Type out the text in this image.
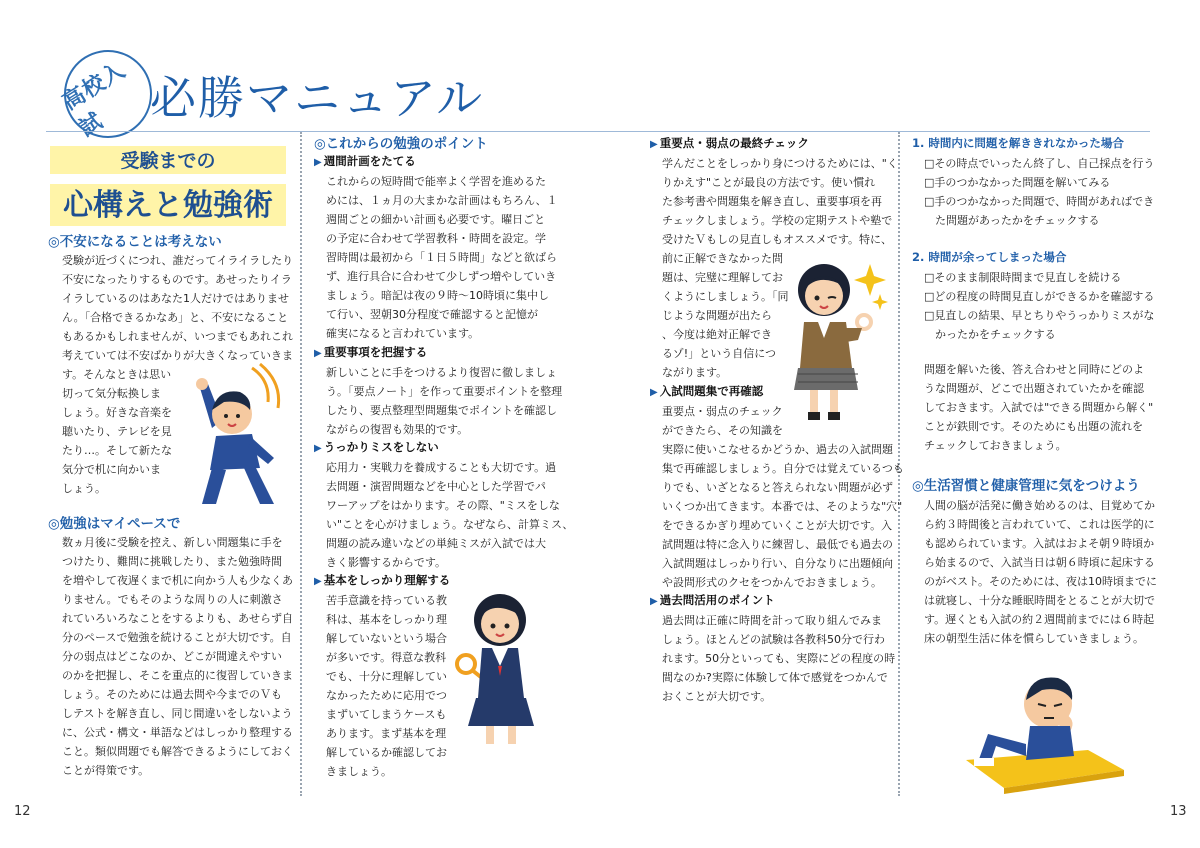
高校入試 必勝マニュアル
受験までの
心構えと勉強術
◎不安になることは考えない
受験が近づくにつれ、誰だってイライラしたり
不安になったりするものです。あせったりイラ
イラしているのはあなた1人だけではありませ
ん。「合格できるかなあ」と、不安になること
もあるかもしれませんが、いつまでもあれこれ
考えていては不安ばかりが大きくなっていきま
す。そんなときは思い
切って気分転換しま
しょう。好きな音楽を
聴いたり、テレビを見
たり…。そして新たな
気分で机に向かいま
しょう。
◎勉強はマイペースで
数ヵ月後に受験を控え、新しい問題集に手を
つけたり、難問に挑戦したり、また勉強時間
を増やして夜遅くまで机に向かう人も少なくあ
りません。でもそのような周りの人に刺激さ
れていろいろなことをするよりも、あせらず自
分のペースで勉強を続けることが大切です。自
分の弱点はどこなのか、どこが間違えやすい
のかを把握し、そこを重点的に復習していきま
しょう。そのためには過去問や今までのＶも
しテストを解き直し、同じ間違いをしないよう
に、公式・構文・単語などはしっかり整理する
こと。類似問題でも解答できるようにしておく
ことが得策です。
◎これからの勉強のポイント
▶ 週間計画をたてる
これからの短時間で能率よく学習を進めるた
めには、１ヵ月の大まかな計画はもちろん、１
週間ごとの細かい計画も必要です。曜日ごと
の予定に合わせて学習教科・時間を設定。学
習時間は最初から「１日５時間」などと欲ばら
ず、進行具合に合わせて少しずつ増やしていき
ましょう。暗記は夜の９時〜10時頃に集中し
て行い、翌朝30分程度で確認すると記憶が
確実になると言われています。
▶ 重要事項を把握する
新しいことに手をつけるより復習に徹しましょ
う。「要点ノート」を作って重要ポイントを整理
したり、要点整理型問題集でポイントを確認し
ながらの復習も効果的です。
▶ うっかりミスをしない
応用力・実戦力を養成することも大切です。過
去問題・演習問題などを中心とした学習でパ
ワーアップをはかります。その際、"ミスをしな
い"ことを心がけましょう。なぜなら、計算ミス、
問題の読み違いなどの単純ミスが入試では大
きく影響するからです。
▶ 基本をしっかり理解する
苦手意識を持っている教
科は、基本をしっかり理
解していないという場合
が多いです。得意な教科
でも、十分に理解してい
なかったために応用でつ
まずいてしまうケースも
あります。まず基本を理
解しているか確認してお
きましょう。
▶ 重要点・弱点の最終チェック
学んだことをしっかり身につけるためには、"く
りかえす"ことが最良の方法です。使い慣れ
た参考書や問題集を解き直し、重要事項を再
チェックしましょう。学校の定期テストや塾で
受けたＶもしの見直しもオススメです。特に、
前に正解できなかった問
題は、完璧に理解してお
くようにしましょう。「同
じような問題が出たら
、今度は絶対正解でき
るゾ!」という自信につ
ながります。
▶ 入試問題集で再確認
重要点・弱点のチェック
ができたら、その知識を
実際に使いこなせるかどうか、過去の入試問題
集で再確認しましょう。自分では覚えているつも
りでも、いざとなると答えられない問題が必ず
いくつか出てきます。本番では、そのような"穴"
をできるかぎり埋めていくことが大切です。入
試問題は特に念入りに練習し、最低でも過去の
入試問題はしっかり行い、自分なりに出題傾向
や設問形式のクセをつかんでおきましょう。
▶ 過去問活用のポイント
過去問は正確に時間を計って取り組んでみま
しょう。ほとんどの試験は各教科50分で行わ
れます。50分といっても、実際にどの程度の時
間なのか?実際に体験して体で感覚をつかんで
おくことが大切です。
1. 時間内に問題を解ききれなかった場合
□その時点でいったん終了し、自己採点を行う
□手のつかなかった問題を解いてみる
□手のつかなかった問題で、時間があればでき
　た問題があったかをチェックする
2. 時間が余ってしまった場合
□そのまま制限時間まで見直しを続ける
□どの程度の時間見直しができるかを確認する
□見直しの結果、早とちりやうっかりミスがな
　かったかをチェックする
問題を解いた後、答え合わせと同時にどのよ
うな問題が、どこで出題されていたかを確認
しておきます。入試では"できる問題から解く"
ことが鉄則です。そのためにも出題の流れを
チェックしておきましょう。
◎生活習慣と健康管理に気をつけよう
人間の脳が活発に働き始めるのは、目覚めてか
ら約３時間後と言われていて、これは医学的に
も認められています。入試はおよそ朝９時頃か
ら始まるので、入試当日は朝６時頃に起床する
のがベスト。そのためには、夜は10時頃までに
は就寝し、十分な睡眠時間をとることが大切で
す。遅くとも入試の約２週間前までには６時起
床の朝型生活に体を慣らしていきましょう。
12	13
